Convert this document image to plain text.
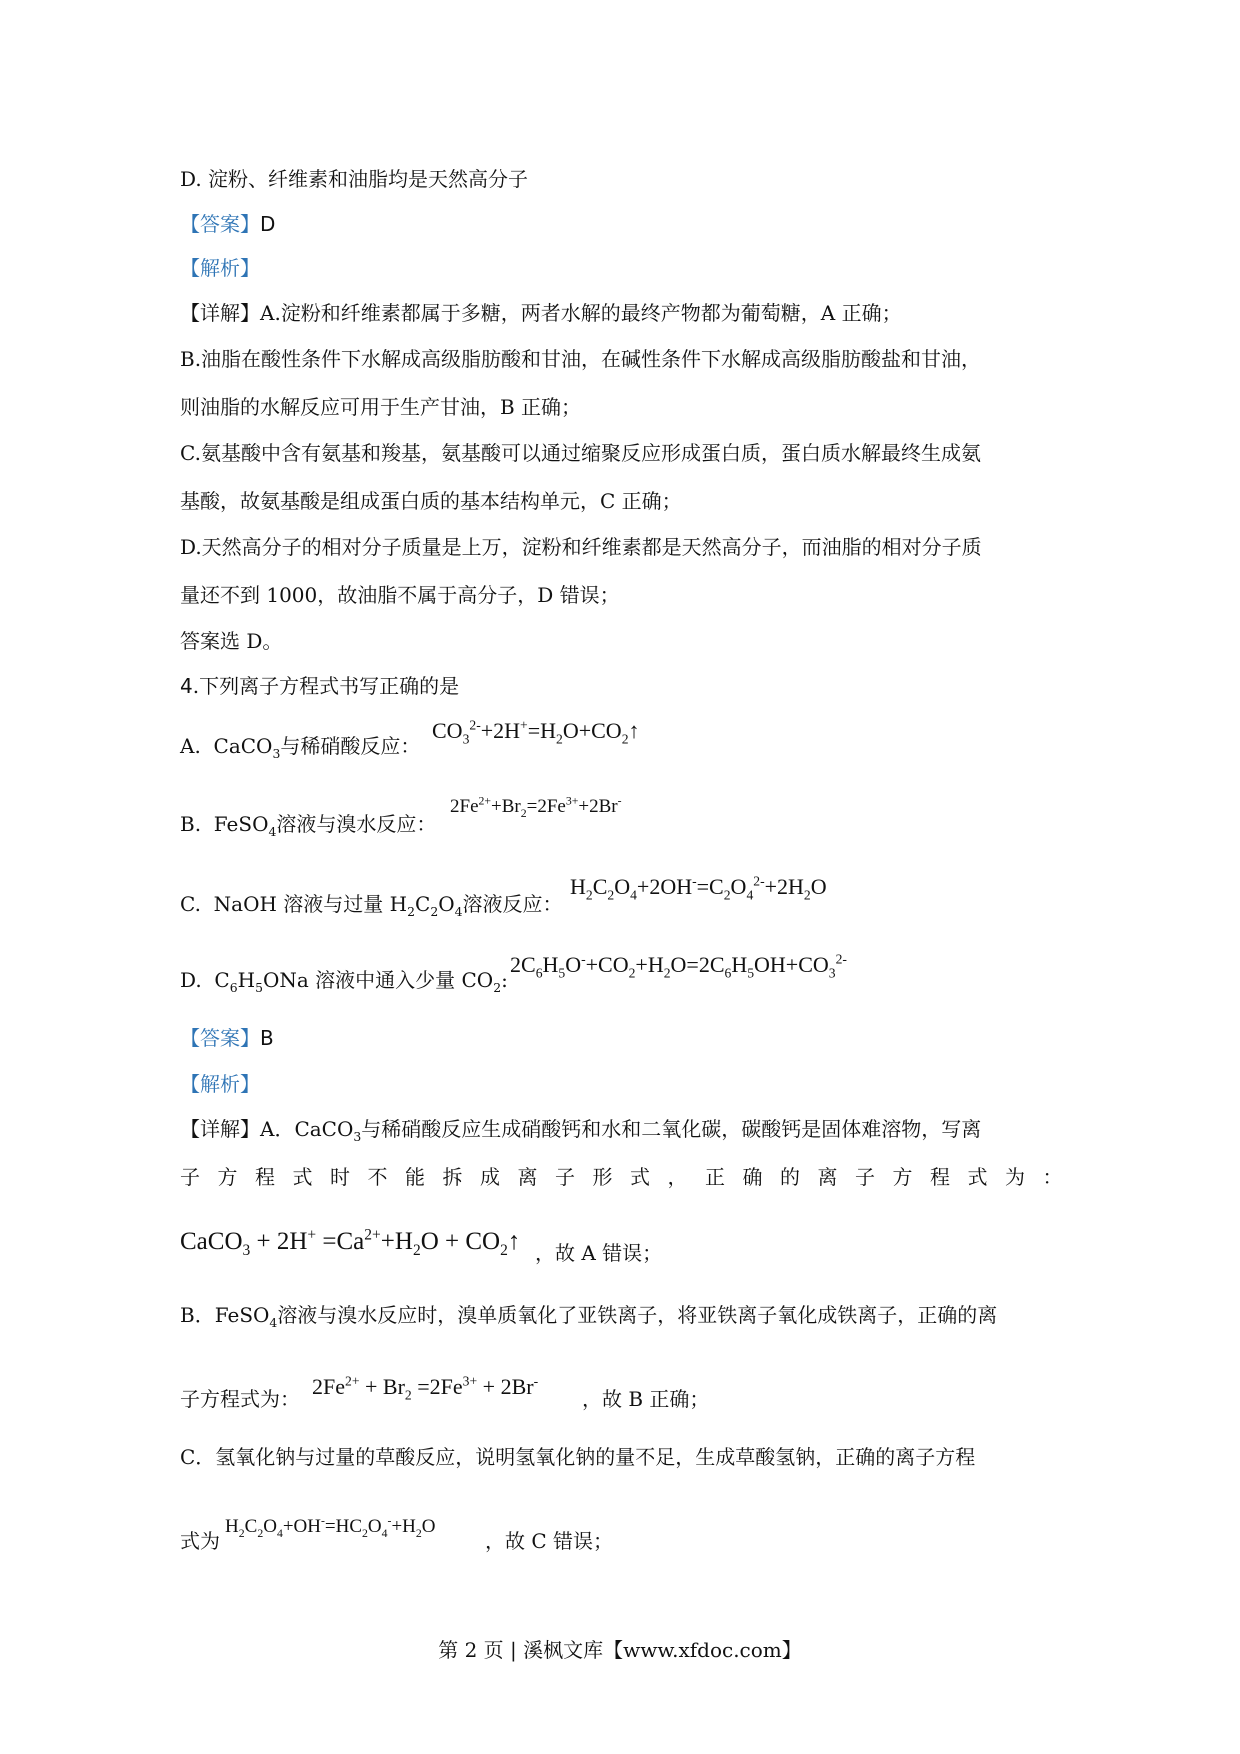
D. 淀粉、纤维素和油脂均是天然高分子
【答案】D
【解析】
【详解】A.淀粉和纤维素都属于多糖，两者水解的最终产物都为葡萄糖，A 正确；
B.油脂在酸性条件下水解成高级脂肪酸和甘油，在碱性条件下水解成高级脂肪酸盐和甘油，
则油脂的水解反应可用于生产甘油，B 正确；
C.氨基酸中含有氨基和羧基，氨基酸可以通过缩聚反应形成蛋白质，蛋白质水解最终生成氨
基酸，故氨基酸是组成蛋白质的基本结构单元，C 正确；
D.天然高分子的相对分子质量是上万，淀粉和纤维素都是天然高分子，而油脂的相对分子质
量还不到 1000，故油脂不属于高分子，D 错误；
答案选 D。
4.下列离子方程式书写正确的是
A.  CaCO$_3$与稀硝酸反应：
$CO_3^{2-}+2H^+=H_2O+CO_2↑$
B.  FeSO$_4$溶液与溴水反应：
$2Fe^{2+}+Br_2=2Fe^{3+}+2Br^-$
C.  NaOH 溶液与过量 $H_2C_2O_4$溶液反应：
$H_2C_2O_4+2OH^-=C_2O_4^{2-}+2H_2O$
D.  $C_6H_5ONa$ 溶液中通入少量 $CO_2$:
$2C_6H_5O^-+CO_2+H_2O=2C_6H_5OH+CO_3^{2-}$
【答案】B
【解析】
【详解】A．CaCO$_3$与稀硝酸反应生成硝酸钙和水和二氧化碳，碳酸钙是固体难溶物，写离
子方程式时不能拆成离子形式，正确的离子方程式为：
CaCO$_3$ + $2H^+ =Ca^{2+}+H_2O$ + $CO_2↑$ ，故 A 错误；
B．FeSO$_4$溶液与溴水反应时，溴单质氧化了亚铁离子，将亚铁离子氧化成铁离子，正确的离
子方程式为： $2Fe^{2+} + Br_2 =2Fe^{3+} + 2Br^-$
，故 B 正确；
C．氢氧化钠与过量的草酸反应，说明氢氧化钠的量不足，生成草酸氢钠，正确的离子方程
式为
$H_2C_2O_4+OH^-=HC_2O_4^-+H_2O$
，故 C 错误；
第 2 页 | 溪枫文库【www.xfdoc.com】
